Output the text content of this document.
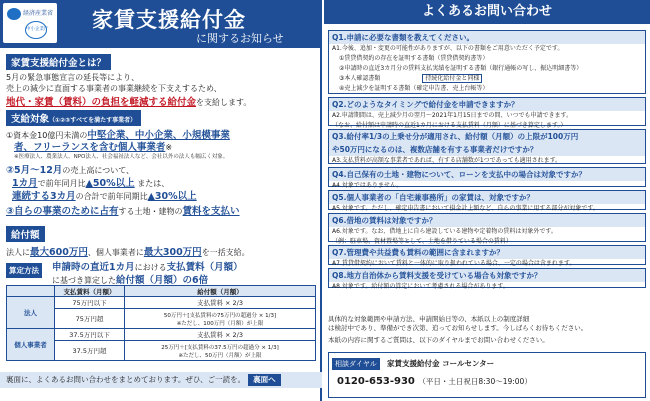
経済産業省
中小企業庁 家賃支援給付金
に関するお知らせ
家賃支援給付金とは？
5月の緊急事態宣言の延長等により、
売上の減少に直面する事業者の事業継続を下支えするため、
地代・家賃（賃料）の負担を軽減する給付金を支給します。
支給対象（①②③すべてを満たす事業者）
①資本金10億円未満の中堅企業、中小企業、小規模事業
者、フリーランスを含む個人事業者※
※医療法人、農業法人、NPO法人、社会福祉法人など、会社以外の法人も幅広く対象。
②5月～12月の売上高について、
1カ月で前年同月比▲50%以上 または、
連続する3カ月の合計で前年同期比▲30%以上
③自らの事業のために占有する土地・建物の賃料を支払い
給付額
法人に最大600万円、個人事業者に最大300万円を一括支給。
算定方法	申請時の直近1カ月における支払賃料（月額）
に基づき算定した給付額（月額）の6倍
	支払賃料（月額）	給付額（月額）
法人	75万円以下	支払賃料 × 2/3
	75万円超	50万円＋[支払賃料の75万円の超過分 × 1/3]
※ただし、100万円（月額）が上限

個人事業者	37.5万円以下	支払賃料 × 2/3
	37.5万円超	25万円＋[支払賃料の37.5万円の超過分 × 1/3]
※ただし、50万円（月額）が上限
裏面に、よくあるお問い合わせをまとめております。ぜひ、ご一読を。 裏面へ
よくあるお問い合わせ
Q1.申請に必要な書類を教えてください。
A1.今後、追加・変更の可能性がありますが、以下の書類をご用意いただく予定です。
①賃貸借契約の存在を証明する書類（賃貸借契約書等）
②申請時の直近3カ月分の賃料支払実績を証明する書類（銀行通帳の写し、振込明細書等）
③本人確認書類	持続化給付金と同様
④売上減少を証明する書類（確定申告書、売上台帳等）
Q2.どのようなタイミングで給付金を申請できますか？
A2.申請期間は、売上減少月の翌月～2021年1月15日までの間、いつでも申請できます。
（なお、給付額は申請時の直近1カ月における支払賃料（月額）に基づき算定します。）
Q3.給付率1/3の上乗せ分が適用され、給付額（月額）の上限が100万円
や50万円になるのは、複数店舗を有する事業者だけですか？
A3.支払賃料が高額な事業者であれば、有する店舗数が1つであっても適用されます。
Q4.自己保有の土地・建物について、ローンを支払中の場合は対象ですか？
A4.対象ではありません。
Q5.個人事業者の「自宅兼事務所」の家賃は、対象ですか？
A5.対象です。ただし、確定申告書において損金計上額など、自らの事業に用する部分が対象です。
Q6.借地の賃料は対象ですか？
A6.対象です。なお、借地上に自ら建設している建物や定着物の賃料は対象外です。
（例：駐車場、資材置場等として、土地を借りている場合の賃料）
Q7.管理費や共益費も賃料の範囲に含まれますか？
A7.賃貸借契約において賃料と一体的に取り扱われている場合、一定の場合は含まれます。
Q8.地方自治体から賃料支援を受けている場合も対象ですか？
A8.対象です。給付額の算定において考慮される場合があります。
具体的な対象範囲や申請方法、申請開始日等の、本紙以上の制度詳細
は検討中であり、準備ができ次第、追ってお知らせします。今しばらくお待ちください。
本紙の内容に関するご質問は、以下のダイヤルまでお問い合わせください。
相談ダイヤル	家賃支援給付金 コールセンター
0120-653-930 （平日・土日祝日8:30～19:00）
